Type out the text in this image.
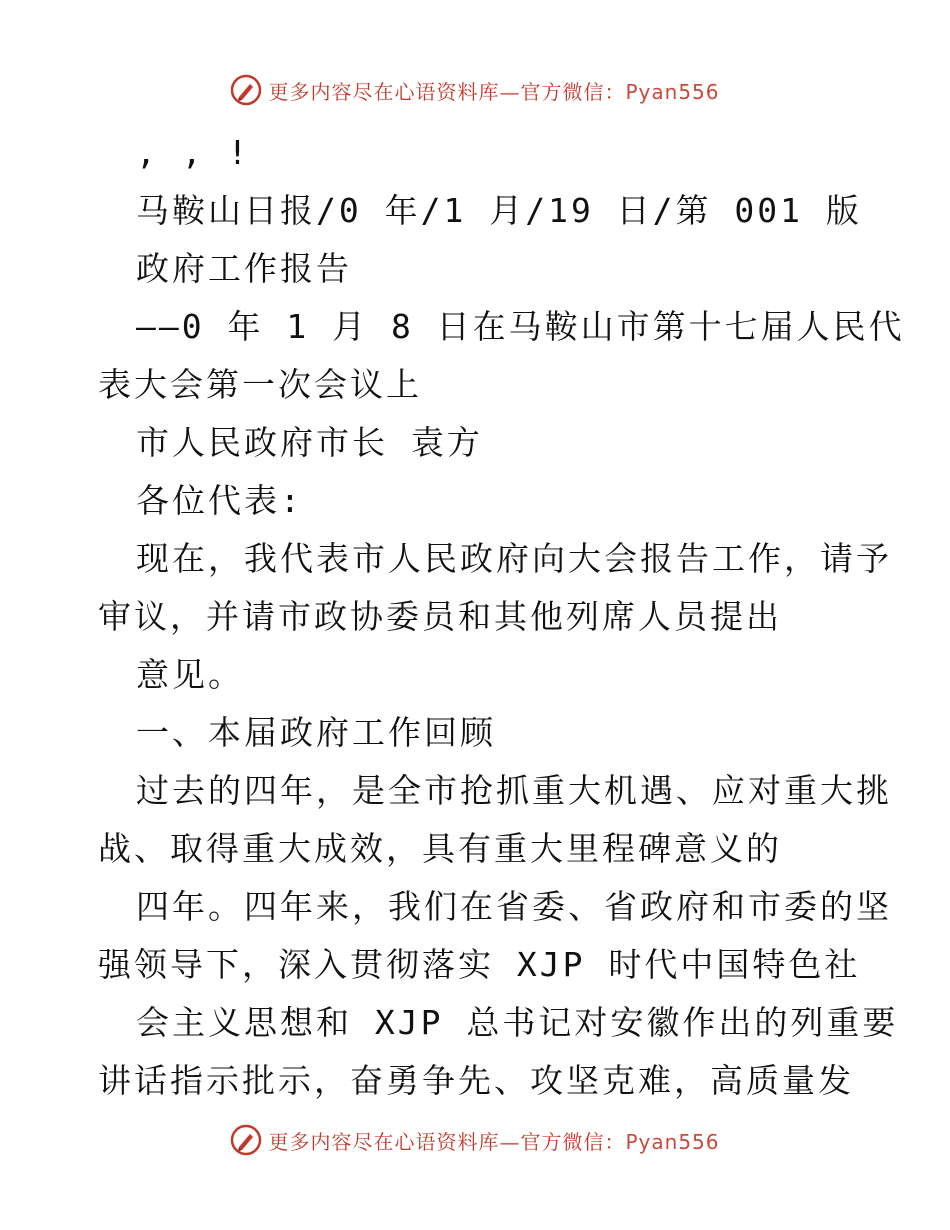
更多内容尽在心语资料库—官方微信：Pyan556
, , !
马鞍山日报/0 年/1 月/19 日/第 001 版
政府工作报告
——0 年 1 月 8 日在马鞍山市第十七届人民代
表大会第一次会议上
市人民政府市长 袁方
各位代表:
现在，我代表市人民政府向大会报告工作，请予
审议，并请市政协委员和其他列席人员提出
意见。
一、本届政府工作回顾
过去的四年，是全市抢抓重大机遇、应对重大挑
战、取得重大成效，具有重大里程碑意义的
四年。四年来，我们在省委、省政府和市委的坚
强领导下，深入贯彻落实 XJP 时代中国特色社
会主义思想和 XJP 总书记对安徽作出的列重要
讲话指示批示，奋勇争先、攻坚克难，高质量发
更多内容尽在心语资料库—官方微信：Pyan556
